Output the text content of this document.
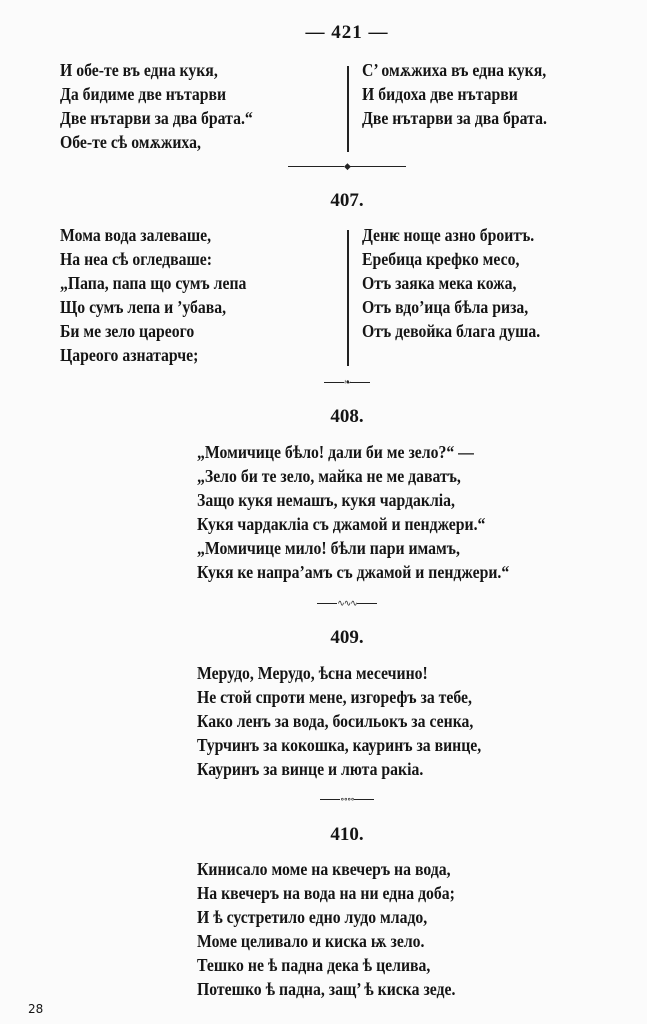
— 421 —
И обе-те въ една кукя,
Да бидиме две нътарви
Две нътарви за два брата.“
Обе-те сѣ омѫжиха,
С’ омѫжиха въ една кукя,
И бидоха две нътарви
Две нътарви за два брата.
◆
407.
Мома вода залеваше,
На неа сѣ огледваше:
„Папа, папа що сумъ лепа
Що сумъ лепа и ’убава,
Би ме зело цареого
Цареого азнатарче;
Денѥ ноще азно броитъ.
Еребица крефко месо,
Отъ заяка мека кожа,
Отъ вдо’ица бѣла риза,
Отъ девойка блага душа.
❧
408.
„Момичице бѣло! дали би ме зело?“ —
„Зело би те зело, майка не ме даватъ,
Защо кукя немашъ, кукя чардакліа,
Кукя чардакліа съ джамой и пенджери.“
„Момичице мило! бѣли пари имамъ,
Кукя ке напра’амъ съ джамой и пенджери.“
∿∿∿
409.
Мерудо, Мерудо, ѣсна месечино!
Не стой спроти мене, изгорефъ за тебе,
Како ленъ за вода, босильокъ за сенка,
Турчинъ за кокошка, кауринъ за винце,
Кауринъ за винце и люта ракіа.
∘∘∘∘
410.
Кинисало моме на квечеръ на вода,
На квечеръ на вода на ни една доба;
И ѣ сустретило едно лудо младо,
Моме целивало и киска ѭ зело.
Тешко не ѣ падна дека ѣ целива,
Потешко ѣ падна, защ’ ѣ киска зеде.
28
